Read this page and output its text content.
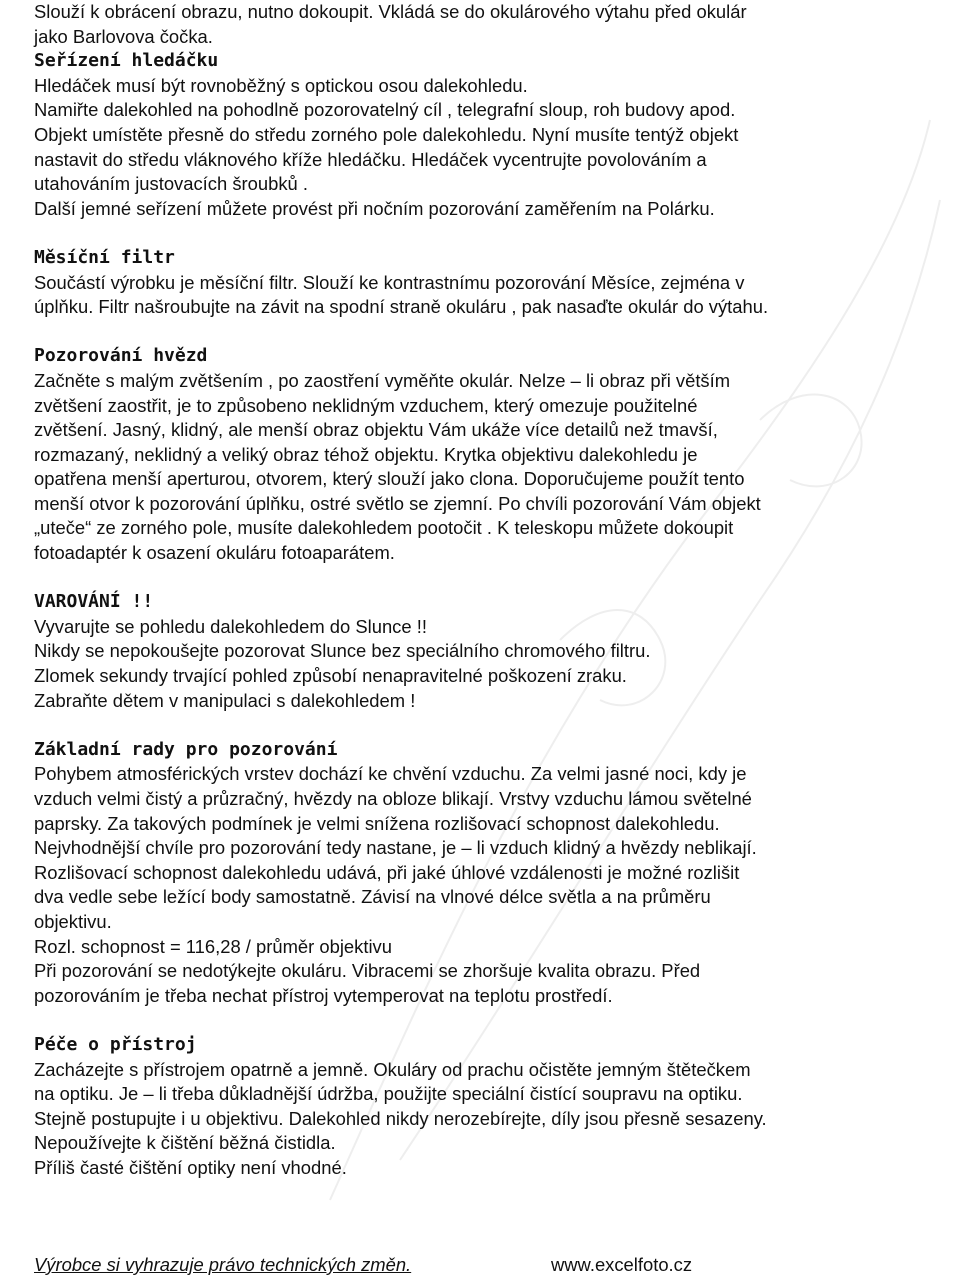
Slouží k obrácení obrazu, nutno dokoupit. Vkládá se do okulárového výtahu před okulár

jako Barlovova čočka.

Seřízení hledáčku

Hledáček musí být rovnoběžný s optickou osou dalekohledu.

Namiřte dalekohled na pohodlně pozorovatelný cíl , telegrafní sloup, roh budovy apod.

Objekt umístěte přesně do středu zorného pole dalekohledu. Nyní musíte tentýž objekt

nastavit do středu vláknového kříže hledáčku. Hledáček vycentrujte povolováním a

utahováním justovacích šroubků .

Další jemné seřízení můžete provést při nočním pozorování zaměřením na Polárku.

Měsíční filtr

Součástí výrobku je měsíční filtr. Slouží ke kontrastnímu pozorování Měsíce, zejména v

úplňku. Filtr našroubujte na závit na spodní straně okuláru , pak nasaďte okulár do výtahu.

Pozorování hvězd

Začněte s malým zvětšením , po zaostření vyměňte okulár. Nelze – li obraz při větším

zvětšení zaostřit, je to způsobeno neklidným vzduchem, který omezuje použitelné

zvětšení. Jasný, klidný, ale menší obraz objektu Vám ukáže více detailů než tmavší,

rozmazaný, neklidný a veliký obraz téhož objektu. Krytka objektivu dalekohledu je

opatřena menší aperturou, otvorem, který slouží jako clona. Doporučujeme použít tento

menší otvor k pozorování úplňku, ostré světlo se zjemní. Po chvíli pozorování Vám objekt

„uteče“ ze zorného pole, musíte dalekohledem pootočit . K teleskopu můžete dokoupit

fotoadaptér k osazení okuláru fotoaparátem.

VAROVÁNÍ !!

Vyvarujte se pohledu dalekohledem do Slunce !!

Nikdy se nepokoušejte pozorovat Slunce bez speciálního chromového filtru.

Zlomek sekundy trvající pohled způsobí nenapravitelné poškození zraku.

Zabraňte dětem v manipulaci s dalekohledem !

Základní rady pro pozorování

Pohybem atmosférických vrstev dochází ke chvění vzduchu. Za velmi jasné noci, kdy je

vzduch velmi čistý a průzračný, hvězdy na obloze blikají. Vrstvy vzduchu lámou světelné

paprsky. Za takových podmínek je velmi snížena rozlišovací schopnost dalekohledu.

Nejvhodnější chvíle pro pozorování tedy nastane, je – li vzduch klidný a hvězdy neblikají.

Rozlišovací schopnost dalekohledu udává, při jaké úhlové vzdálenosti je možné rozlišit

dva vedle sebe ležící body samostatně. Závisí na vlnové délce světla a na průměru

objektivu.

Rozl. schopnost = 116,28 / průměr objektivu

Při pozorování se nedotýkejte okuláru. Vibracemi se zhoršuje kvalita obrazu. Před

pozorováním je třeba nechat přístroj vytemperovat na teplotu prostředí.

Péče o přístroj

Zacházejte s přístrojem opatrně a jemně. Okuláry od prachu očistěte jemným štětečkem

na optiku. Je – li třeba důkladnější údržba, použijte speciální čistící soupravu na optiku.

Stejně postupujte i u objektivu. Dalekohled nikdy nerozebírejte, díly jsou přesně sesazeny.

Nepoužívejte k čištění běžná čistidla.

Příliš časté čištění optiky není vhodné.

Výrobce si vyhrazuje právo technických změn.	www.excelfoto.cz
